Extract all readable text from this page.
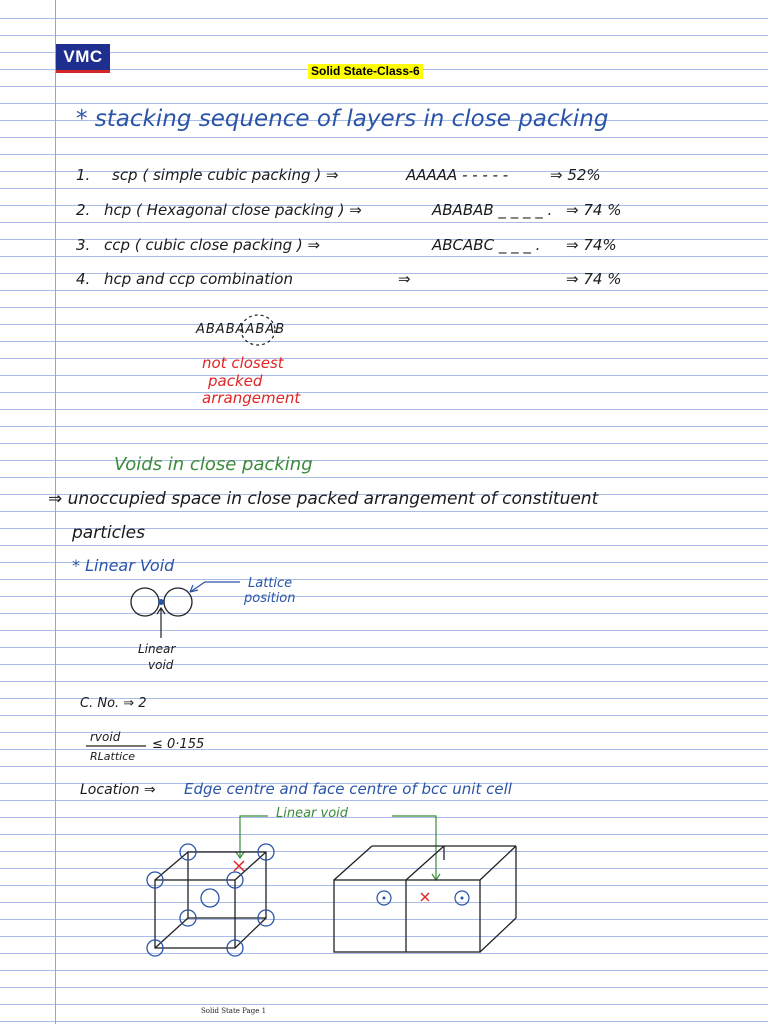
VMC
Solid State-Class-6
* stacking sequence of layers in close packing
1. scp ( simple cubic packing ) ⇒	AAAAA - - - - -	⇒ 52%
2. hcp ( Hexagonal close packing ) ⇒	ABABAB _ _ _ _ . ⇒ 74 %
3. ccp ( cubic close packing ) ⇒	ABCABC _ _ _ . ⇒ 74%
4. hcp and ccp combination	⇒	⇒ 74 %
ABABAABAB
not closest
packed
arrangement
Voids in close packing
⇒ unoccupied space in close packed arrangement of constituent
particles
* Linear Void
Lattice
position
Linear
void
C. No. ⇒ 2
rvoid
RLattice
≤ 0·155
Location ⇒ Edge centre and face centre of bcc unit cell
Linear void
Solid State Page 1
